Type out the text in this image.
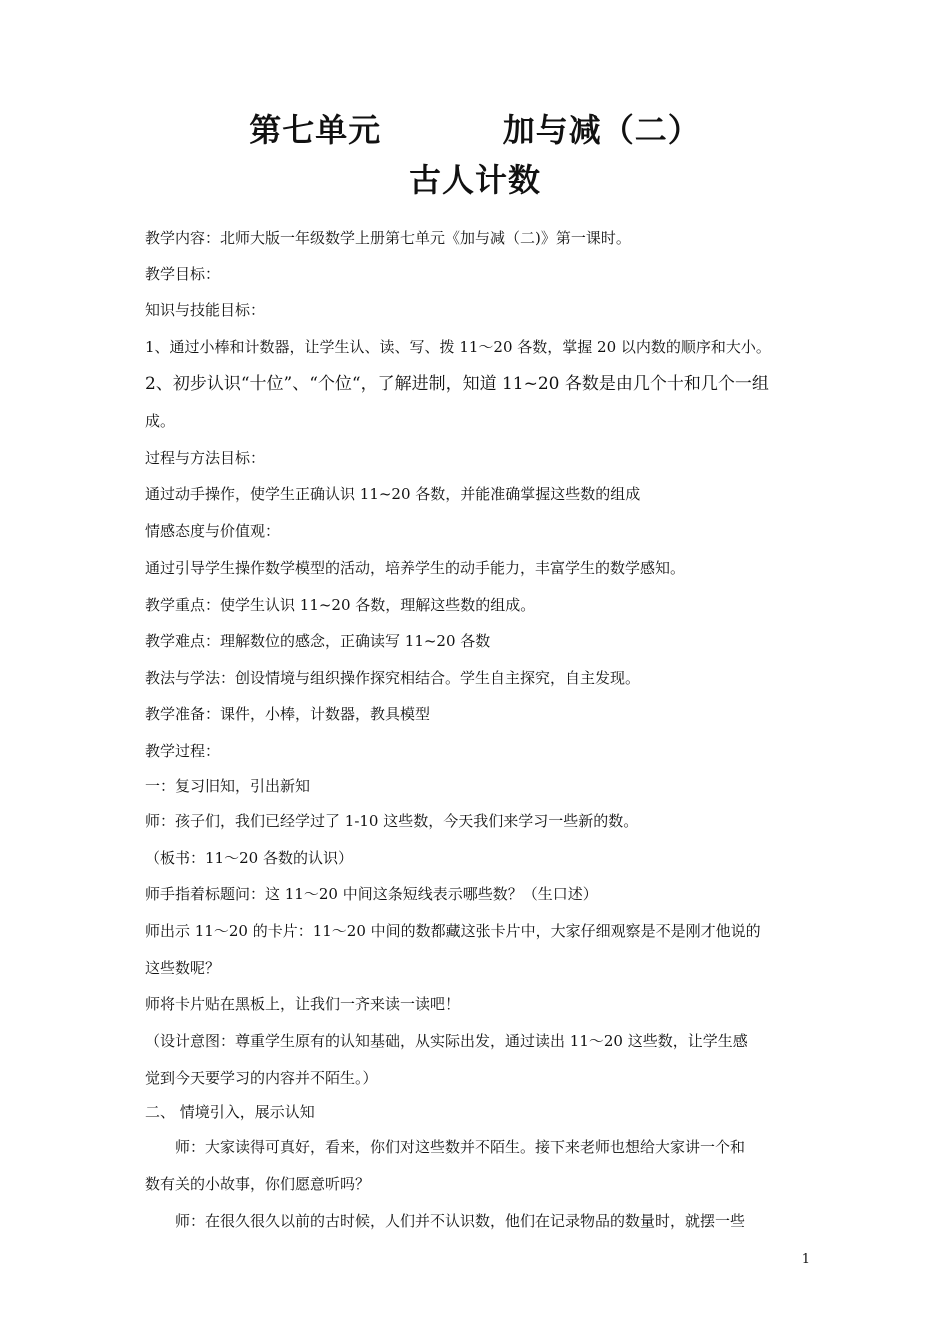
第七单元          加与减（二）
古人计数
教学内容：北师大版一年级数学上册第七单元《加与减（二)》第一课时。
教学目标：
知识与技能目标：
1、通过小棒和计数器，让学生认、读、写、拨 11～20 各数，掌握 20 以内数的顺序和大小。
2、初步认识“十位”、“个位“，了解进制，知道 11~20 各数是由几个十和几个一组
成。
过程与方法目标：
通过动手操作，使学生正确认识 11~20 各数，并能准确掌握这些数的组成
情感态度与价值观：
通过引导学生操作数学模型的活动，培养学生的动手能力，丰富学生的数学感知。
教学重点：使学生认识 11~20 各数，理解这些数的组成。
教学难点：理解数位的感念，正确读写 11~20 各数
教法与学法：创设情境与组织操作探究相结合。学生自主探究，自主发现。
教学准备：课件，小棒，计数器，教具模型
教学过程：
一：复习旧知，引出新知
师：孩子们，我们已经学过了 1-10 这些数，今天我们来学习一些新的数。
（板书：11～20 各数的认识）
师手指着标题问：这 11～20 中间这条短线表示哪些数？（生口述）
师出示 11～20 的卡片：11～20 中间的数都藏这张卡片中，大家仔细观察是不是刚才他说的
这些数呢？
师将卡片贴在黑板上，让我们一齐来读一读吧！
（设计意图：尊重学生原有的认知基础，从实际出发，通过读出 11～20 这些数，让学生感
觉到今天要学习的内容并不陌生。）
二、 情境引入，展示认知
师：大家读得可真好，看来，你们对这些数并不陌生。接下来老师也想给大家讲一个和
数有关的小故事，你们愿意听吗？
师：在很久很久以前的古时候，人们并不认识数，他们在记录物品的数量时，就摆一些
1
